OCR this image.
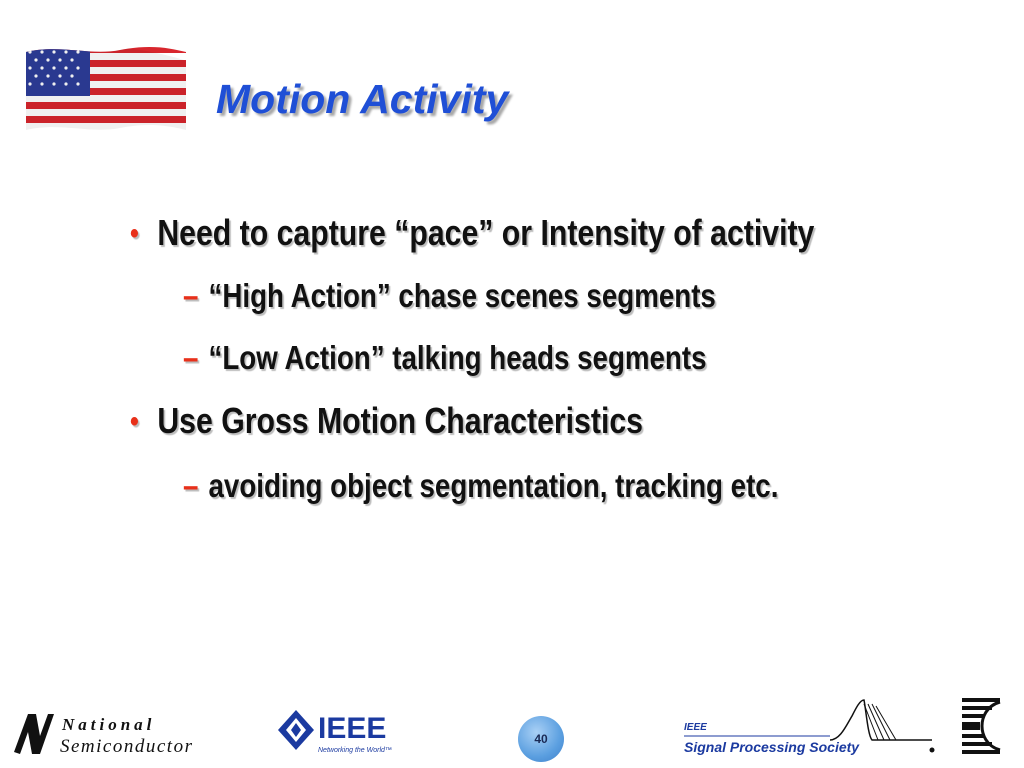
Motion Activity
• Need to capture “pace” or Intensity of activity
– “High Action” chase scenes segments
– “Low Action” talking heads segments
• Use Gross Motion Characteristics
– avoiding object segmentation, tracking etc.
National
Semiconductor
IEEE
Networking the World™
40
IEEE
Signal Processing Society
